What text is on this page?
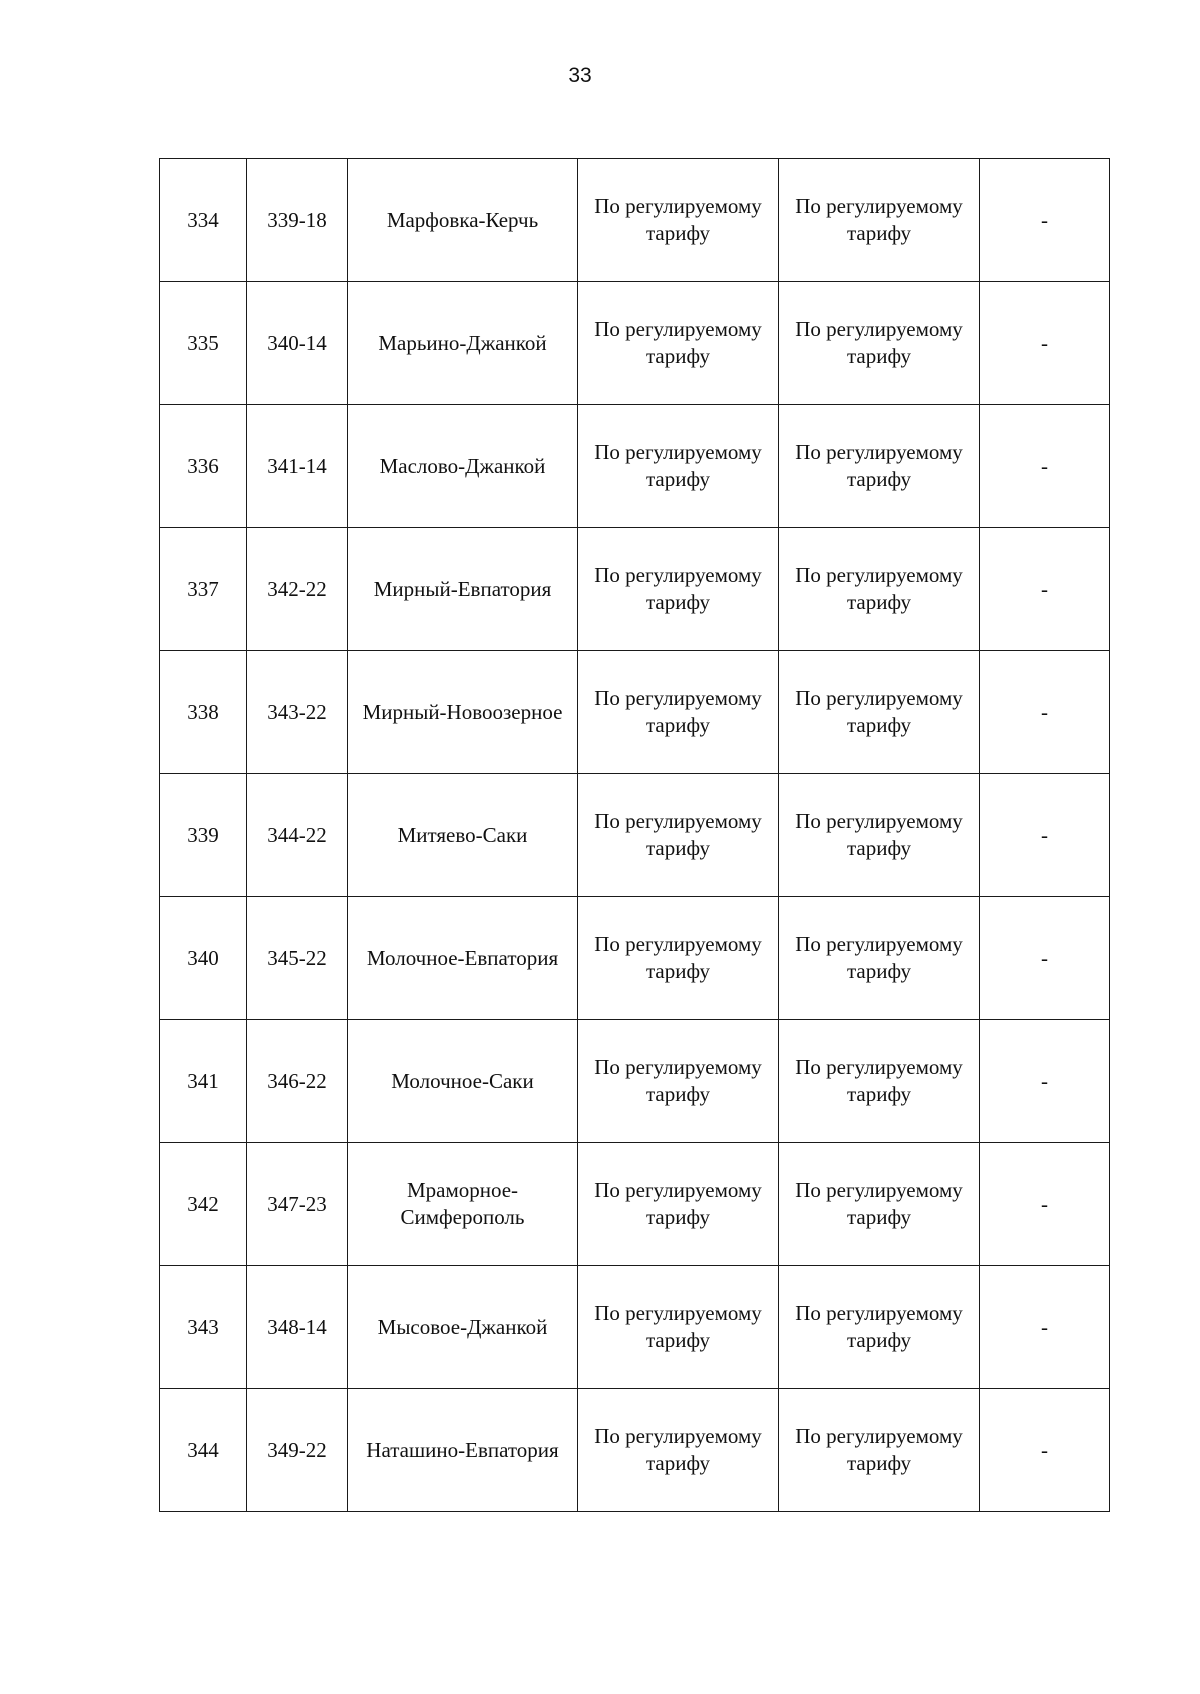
33
334	339-18	Марфовка-Керчь	По регулируемому тарифу	По регулируемому тарифу	-
335	340-14	Марьино-Джанкой	По регулируемому тарифу	По регулируемому тарифу	-
336	341-14	Маслово-Джанкой	По регулируемому тарифу	По регулируемому тарифу	-
337	342-22	Мирный-Евпатория	По регулируемому тарифу	По регулируемому тарифу	-
338	343-22	Мирный-Новоозерное	По регулируемому тарифу	По регулируемому тарифу	-
339	344-22	Митяево-Саки	По регулируемому тарифу	По регулируемому тарифу	-
340	345-22	Молочное-Евпатория	По регулируемому тарифу	По регулируемому тарифу	-
341	346-22	Молочное-Саки	По регулируемому тарифу	По регулируемому тарифу	-
342	347-23	Мраморное-Симферополь	По регулируемому тарифу	По регулируемому тарифу	-
343	348-14	Мысовое-Джанкой	По регулируемому тарифу	По регулируемому тарифу	-
344	349-22	Наташино-Евпатория	По регулируемому тарифу	По регулируемому тарифу	-
